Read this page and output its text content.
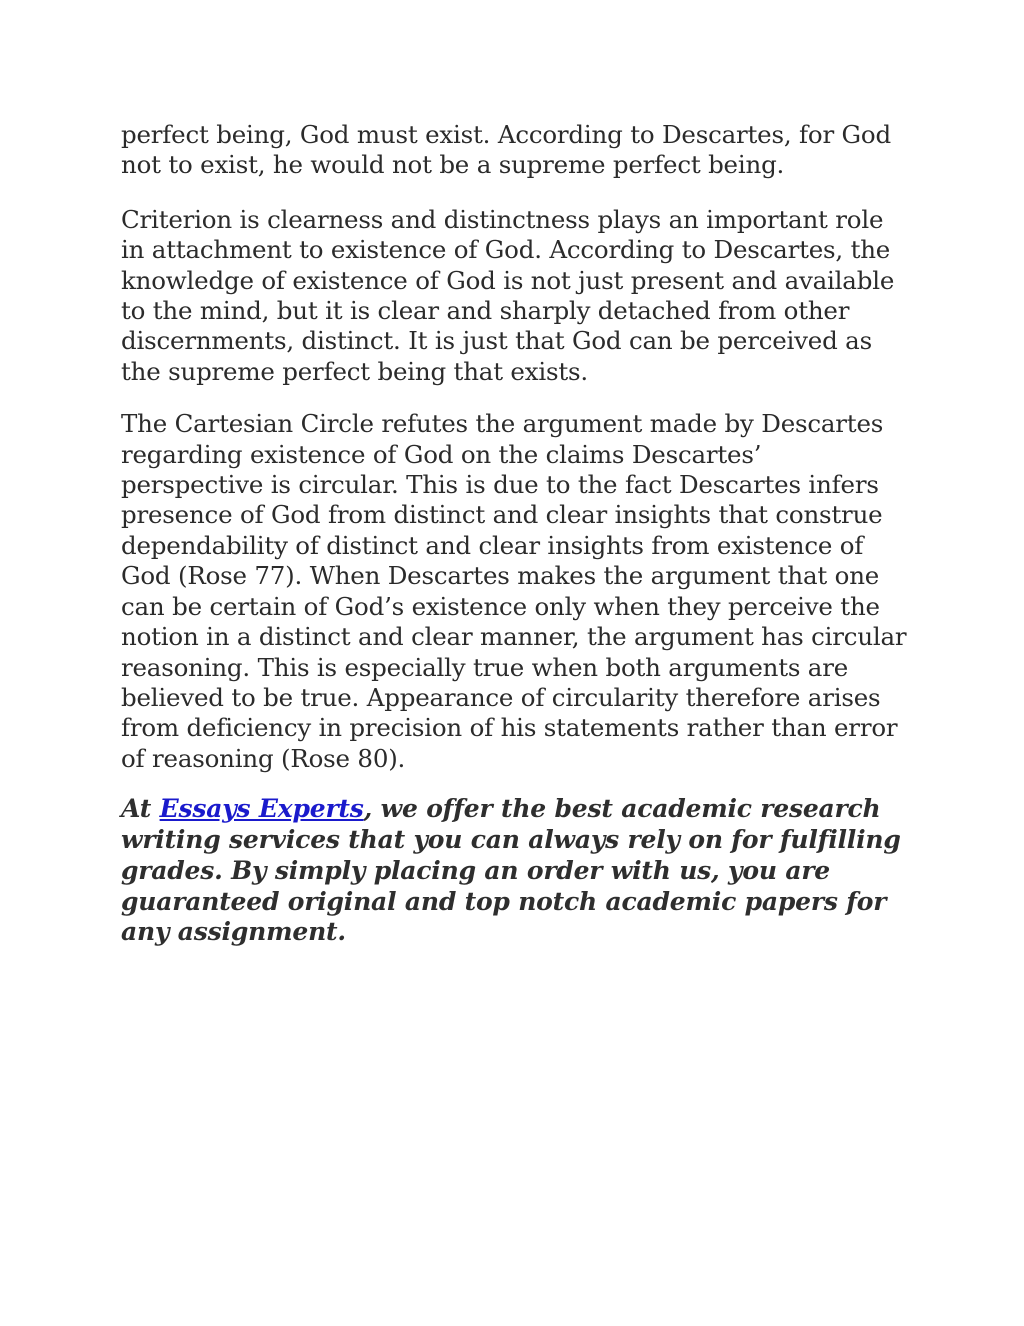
perfect being, God must exist. According to Descartes, for God not to exist, he would not be a supreme perfect being.

Criterion is clearness and distinctness plays an important role in attachment to existence of God. According to Descartes, the knowledge of existence of God is not just present and available to the mind, but it is clear and sharply detached from other discernments, distinct. It is just that God can be perceived as the supreme perfect being that exists.

The Cartesian Circle refutes the argument made by Descartes regarding existence of God on the claims Descartes’ perspective is circular. This is due to the fact Descartes infers presence of God from distinct and clear insights that construe dependability of distinct and clear insights from existence of God (Rose 77). When Descartes makes the argument that one can be certain of God’s existence only when they perceive the notion in a distinct and clear manner, the argument has circular reasoning. This is especially true when both arguments are believed to be true. Appearance of circularity therefore arises from deficiency in precision of his statements rather than error of reasoning (Rose 80).

At Essays Experts, we offer the best academic research writing services that you can always rely on for fulfilling grades. By simply placing an order with us, you are guaranteed original and top notch academic papers for any assignment.
